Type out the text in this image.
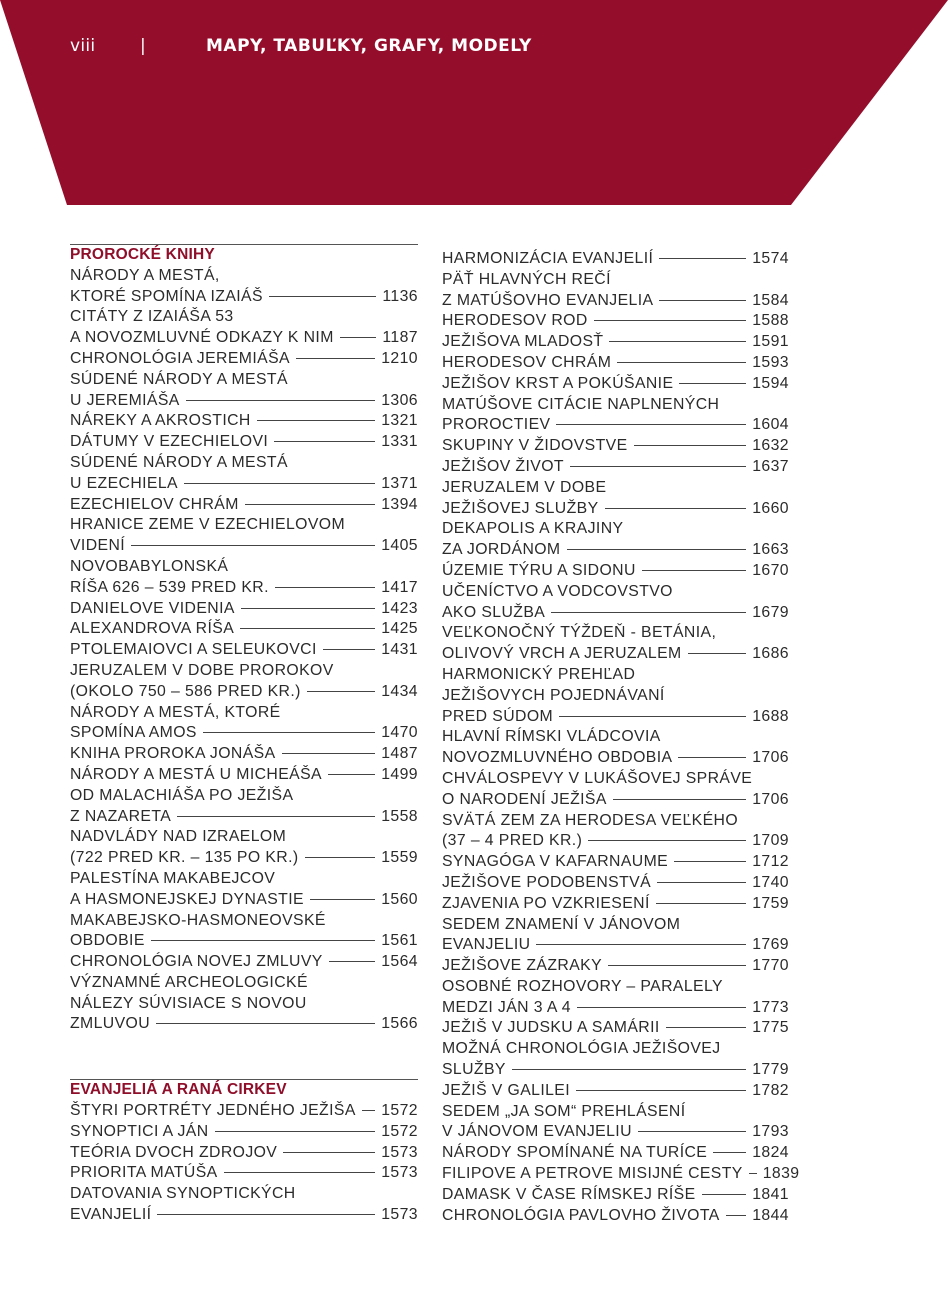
viii	|	MAPY, TABUĽKY, GRAFY, MODELY
PROROCKÉ KNIHY
NÁRODY A MESTÁ,
KTORÉ SPOMÍNA IZAIÁŠ	1136
CITÁTY Z IZAIÁŠA 53
A NOVOZMLUVNÉ ODKAZY K NIM	1187
CHRONOLÓGIA JEREMIÁŠA	1210
SÚDENÉ NÁRODY A MESTÁ
U JEREMIÁŠA	1306
NÁREKY A AKROSTICH	1321
DÁTUMY V EZECHIELOVI	1331
SÚDENÉ NÁRODY A MESTÁ
U EZECHIELA	1371
EZECHIELOV CHRÁM	1394
HRANICE ZEME V EZECHIELOVOM
VIDENÍ	1405
NOVOBABYLONSKÁ
RÍŠA 626 – 539 PRED KR.	1417
DANIELOVE VIDENIA	1423
ALEXANDROVA RÍŠA	1425
PTOLEMAIOVCI A SELEUKOVCI	1431
JERUZALEM V DOBE PROROKOV
(OKOLO 750 – 586 PRED KR.)	1434
NÁRODY A MESTÁ, KTORÉ
SPOMÍNA AMOS	1470
KNIHA PROROKA JONÁŠA	1487
NÁRODY A MESTÁ U MICHEÁŠA	1499
OD MALACHIÁŠA PO JEŽIŠA
Z NAZARETA	1558
NADVLÁDY NAD IZRAELOM
(722 PRED KR. – 135 PO KR.)	1559
PALESTÍNA MAKABEJCOV
A HASMONEJSKEJ DYNASTIE	1560
MAKABEJSKO-HASMONEOVSKÉ
OBDOBIE	1561
CHRONOLÓGIA NOVEJ ZMLUVY	1564
VÝZNAMNÉ ARCHEOLOGICKÉ
NÁLEZY SÚVISIACE S NOVOU
ZMLUVOU	1566
EVANJELIÁ A RANÁ CIRKEV
ŠTYRI PORTRÉTY JEDNÉHO JEŽIŠA 1572
SYNOPTICI A JÁN	1572
TEÓRIA DVOCH ZDROJOV	1573
PRIORITA MATÚŠA	1573
DATOVANIA SYNOPTICKÝCH
EVANJELIÍ	1573
HARMONIZÁCIA EVANJELIÍ	1574
PÄŤ HLAVNÝCH REČÍ
Z MATÚŠOVHO EVANJELIA	1584
HERODESOV ROD	1588
JEŽIŠOVA MLADOSŤ	1591
HERODESOV CHRÁM	1593
JEŽIŠOV KRST A POKÚŠANIE	1594
MATÚŠOVE CITÁCIE NAPLNENÝCH
PROROCTIEV	1604
SKUPINY V ŽIDOVSTVE	1632
JEŽIŠOV ŽIVOT	1637
JERUZALEM V DOBE
JEŽIŠOVEJ SLUŽBY	1660
DEKAPOLIS A KRAJINY
ZA JORDÁNOM	1663
ÚZEMIE TÝRU A SIDONU	1670
UČENÍCTVO A VODCOVSTVO
AKO SLUŽBA	1679
VEĽKONOČNÝ TÝŽDEŇ - BETÁNIA,
OLIVOVÝ VRCH A JERUZALEM	1686
HARMONICKÝ PREHĽAD
JEŽIŠOVYCH POJEDNÁVANÍ
PRED SÚDOM	1688
HLAVNÍ RÍMSKI VLÁDCOVIA
NOVOZMLUVNÉHO OBDOBIA	1706
CHVÁLOSPEVY V LUKÁŠOVEJ SPRÁVE
O NARODENÍ JEŽIŠA	1706
SVÄTÁ ZEM ZA HERODESA VEĽKÉHO
(37 – 4 PRED KR.)	1709
SYNAGÓGA V KAFARNAUME	1712
JEŽIŠOVE PODOBENSTVÁ	1740
ZJAVENIA PO VZKRIESENÍ	1759
SEDEM ZNAMENÍ V JÁNOVOM
EVANJELIU	1769
JEŽIŠOVE ZÁZRAKY	1770
OSOBNÉ ROZHOVORY – PARALELY
MEDZI JÁN 3 A 4	1773
JEŽIŠ V JUDSKU A SAMÁRII	1775
MOŽNÁ CHRONOLÓGIA JEŽIŠOVEJ
SLUŽBY	1779
JEŽIŠ V GALILEI	1782
SEDEM „JA SOM“ PREHLÁSENÍ
V JÁNOVOM EVANJELIU	1793
NÁRODY SPOMÍNANÉ NA TURÍCE	1824
FILIPOVE A PETROVE MISIJNÉ CESTY 1839
DAMASK V ČASE RÍMSKEJ RÍŠE	1841
CHRONOLÓGIA PAVLOVHO ŽIVOTA 1844
